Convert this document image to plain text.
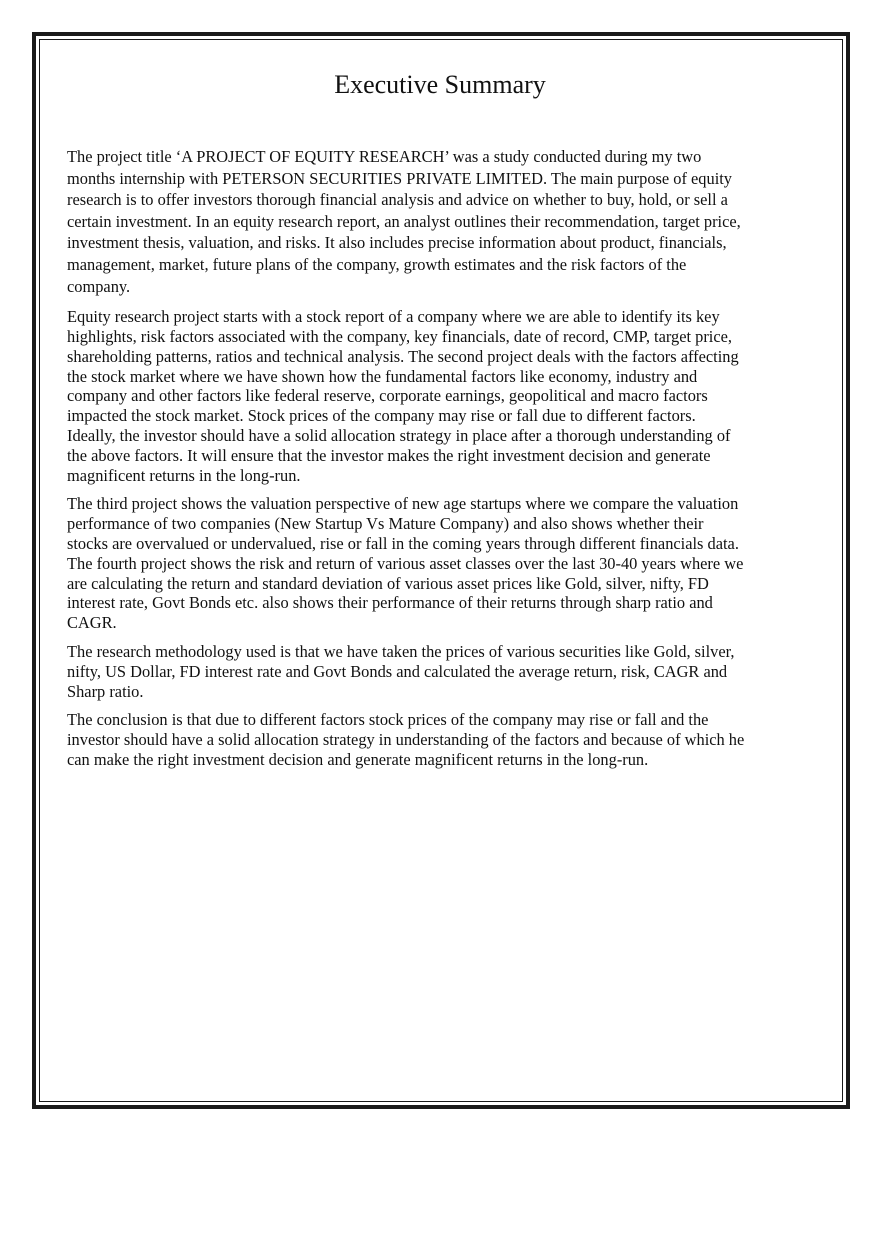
Executive Summary

The project title ‘A PROJECT OF EQUITY RESEARCH’ was a study conducted during my two months internship with PETERSON SECURITIES PRIVATE LIMITED. The main purpose of equity research is to offer investors thorough financial analysis and advice on whether to buy, hold, or sell a certain investment. In an equity research report, an analyst outlines their recommendation, target price, investment thesis, valuation, and risks. It also includes precise information about product, financials, management, market, future plans of the company, growth estimates and the risk factors of the company.

Equity research project starts with a stock report of a company where we are able to identify its key highlights, risk factors associated with the company, key financials, date of record, CMP, target price, shareholding patterns, ratios and technical analysis. The second project deals with the factors affecting the stock market where we have shown how the fundamental factors like economy, industry and company and other factors like federal reserve, corporate earnings, geopolitical and macro factors impacted the stock market. Stock prices of the company may rise or fall due to different factors. Ideally, the investor should have a solid allocation strategy in place after a thorough understanding of the above factors. It will ensure that the investor makes the right investment decision and generate magnificent returns in the long-run.

The third project shows the valuation perspective of new age startups where we compare the valuation performance of two companies (New Startup Vs Mature Company) and also shows whether their stocks are overvalued or undervalued, rise or fall in the coming years through different financials data. The fourth project shows the risk and return of various asset classes over the last 30-40 years where we are calculating the return and standard deviation of various asset prices like Gold, silver, nifty, FD interest rate, Govt Bonds etc. also shows their performance of their returns through sharp ratio and CAGR.

The research methodology used is that we have taken the prices of various securities like Gold, silver, nifty, US Dollar, FD interest rate and Govt Bonds and calculated the average return, risk, CAGR and Sharp ratio.

The conclusion is that due to different factors stock prices of the company may rise or fall and the investor should have a solid allocation strategy in understanding of the factors and because of which he can make the right investment decision and generate magnificent returns in the long-run.
